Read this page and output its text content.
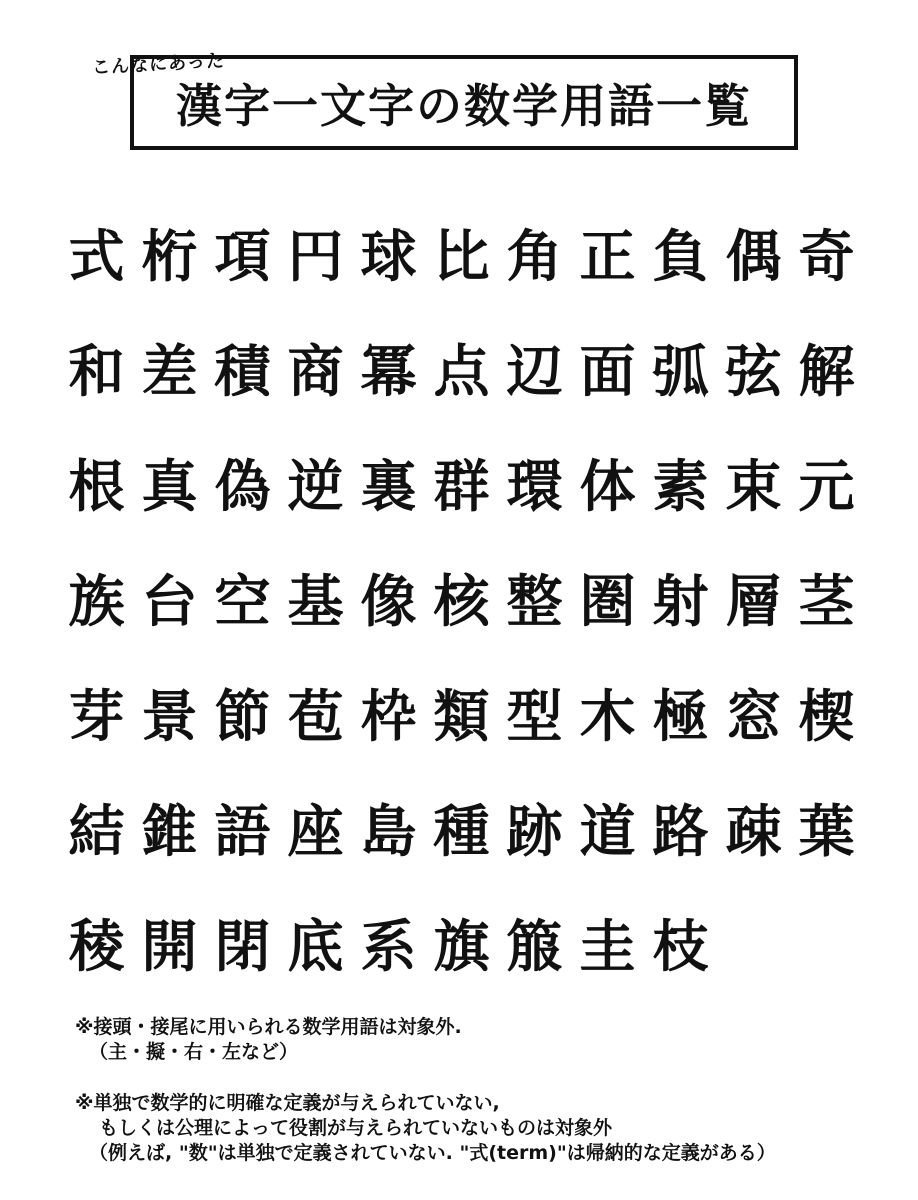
こんなにあった
漢字一文字の数学用語一覧
式 桁 項 円 球 比 角 正 負 偶 奇
和 差 積 商 冪 点 辺 面 弧 弦 解
根 真 偽 逆 裏 群 環 体 素 束 元
族 台 空 基 像 核 整 圏 射 層 茎
芽 景 節 苞 枠 類 型 木 極 窓 楔
結 錐 語 座 島 種 跡 道 路 疎 葉
稜 開 閉 底 系 旗 箙 圭 枝
※接頭・接尾に用いられる数学用語は対象外.
（主・擬・右・左など）
※単独で数学的に明確な定義が与えられていない,
もしくは公理によって役割が与えられていないものは対象外
（例えば, "数"は単独で定義されていない. "式(term)"は帰納的な定義がある）
